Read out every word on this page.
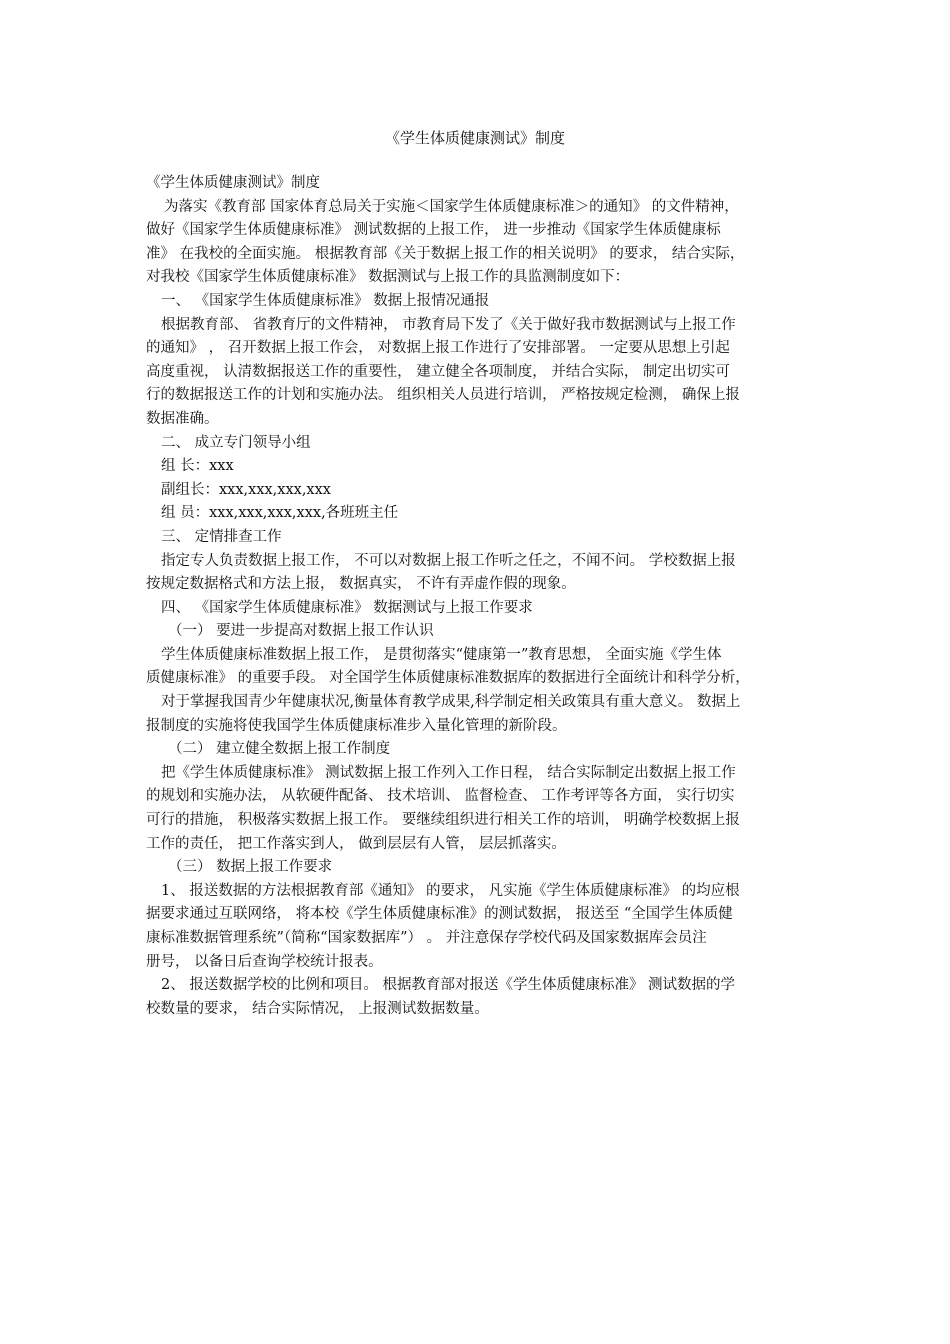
《学生体质健康测试》制度
《学生体质健康测试》制度
为落实《教育部 国家体育总局关于实施＜国家学生体质健康标准＞的通知》 的文件精神，
做好《国家学生体质健康标准》 测试数据的上报工作， 进一步推动《国家学生体质健康标
准》 在我校的全面实施。 根据教育部《关于数据上报工作的相关说明》 的要求， 结合实际，
对我校《国家学生体质健康标准》 数据测试与上报工作的具监测制度如下：
一、 《国家学生体质健康标准》 数据上报情况通报
根据教育部、 省教育厅的文件精神， 市教育局下发了《关于做好我市数据测试与上报工作
的通知》 ， 召开数据上报工作会， 对数据上报工作进行了安排部署。 一定要从思想上引起
高度重视， 认清数据报送工作的重要性， 建立健全各项制度， 并结合实际， 制定出切实可
行的数据报送工作的计划和实施办法。 组织相关人员进行培训， 严格按规定检测， 确保上报
数据准确。
二、 成立专门领导小组
组 长：xxx
副组长：xxx,xxx,xxx,xxx
组 员：xxx,xxx,xxx,xxx,各班班主任
三、 定情排查工作
指定专人负责数据上报工作， 不可以对数据上报工作听之任之，不闻不问。 学校数据上报
按规定数据格式和方法上报， 数据真实， 不许有弄虚作假的现象。
四、 《国家学生体质健康标准》 数据测试与上报工作要求
（一） 要进一步提高对数据上报工作认识
学生体质健康标准数据上报工作， 是贯彻落实“健康第一”教育思想， 全面实施《学生体
质健康标准》 的重要手段。 对全国学生体质健康标准数据库的数据进行全面统计和科学分析，
对于掌握我国青少年健康状况,衡量体育教学成果,科学制定相关政策具有重大意义。 数据上
报制度的实施将使我国学生体质健康标准步入量化管理的新阶段。
（二） 建立健全数据上报工作制度
把《学生体质健康标准》 测试数据上报工作列入工作日程， 结合实际制定出数据上报工作
的规划和实施办法， 从软硬件配备、 技术培训、 监督检查、 工作考评等各方面， 实行切实
可行的措施， 积极落实数据上报工作。 要继续组织进行相关工作的培训， 明确学校数据上报
工作的责任， 把工作落实到人， 做到层层有人管， 层层抓落实。
（三） 数据上报工作要求
1、 报送数据的方法根据教育部《通知》 的要求， 凡实施《学生体质健康标准》 的均应根
据要求通过互联网络， 将本校《学生体质健康标准》的测试数据， 报送至 “全国学生体质健
康标准数据管理系统”（简称“国家数据库”） 。 并注意保存学校代码及国家数据库会员注
册号， 以备日后查询学校统计报表。
2、 报送数据学校的比例和项目。 根据教育部对报送《学生体质健康标准》 测试数据的学
校数量的要求， 结合实际情况， 上报测试数据数量。
